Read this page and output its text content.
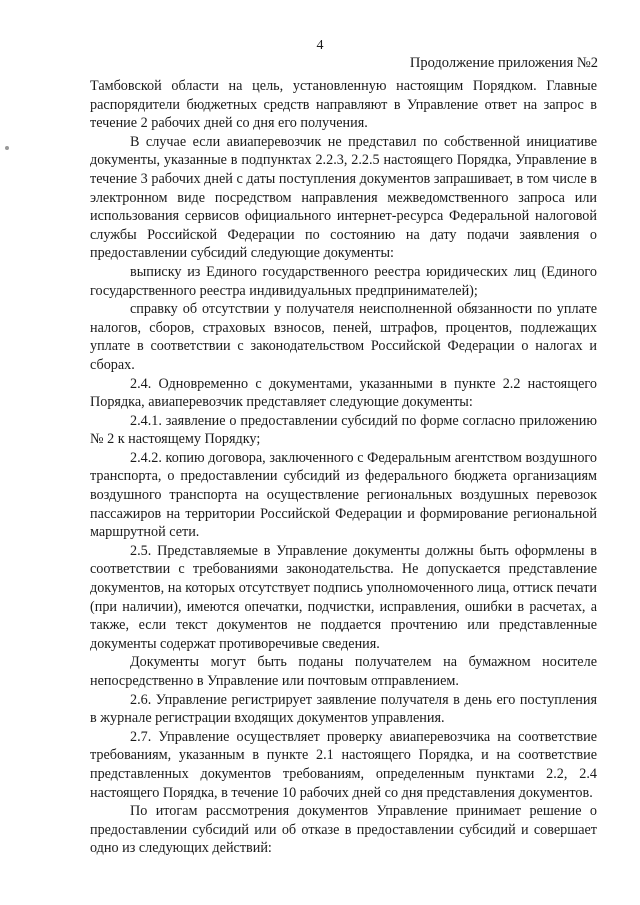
4
Продолжение приложения №2

Тамбовской области на цель, установленную настоящим Порядком. Главные распорядители бюджетных средств направляют в Управление ответ на запрос в течение 2 рабочих дней со дня его получения.

В случае если авиаперевозчик не представил по собственной инициативе документы, указанные в подпунктах 2.2.3, 2.2.5 настоящего Порядка, Управление в течение 3 рабочих дней с даты поступления документов запрашивает, в том числе в электронном виде посредством направления межведомственного запроса или использования сервисов официального интернет-ресурса Федеральной налоговой службы Российской Федерации по состоянию на дату подачи заявления о предоставлении субсидий следующие документы:

выписку из Единого государственного реестра юридических лиц (Единого государственного реестра индивидуальных предпринимателей);

справку об отсутствии у получателя неисполненной обязанности по уплате налогов, сборов, страховых взносов, пеней, штрафов, процентов, подлежащих уплате в соответствии с законодательством Российской Федерации о налогах и сборах.

2.4. Одновременно с документами, указанными в пункте 2.2 настоящего Порядка, авиаперевозчик представляет следующие документы:

2.4.1. заявление о предоставлении субсидий по форме согласно приложению № 2 к настоящему Порядку;

2.4.2. копию договора, заключенного с Федеральным агентством воздушного транспорта, о предоставлении субсидий из федерального бюджета организациям воздушного транспорта на осуществление региональных воздушных перевозок пассажиров на территории Российской Федерации и формирование региональной маршрутной сети.

2.5. Представляемые в Управление документы должны быть оформлены в соответствии с требованиями законодательства. Не допускается представление документов, на которых отсутствует подпись уполномоченного лица, оттиск печати (при наличии), имеются опечатки, подчистки, исправления, ошибки в расчетах, а также, если текст документов не поддается прочтению или представленные документы содержат противоречивые сведения.

Документы могут быть поданы получателем на бумажном носителе непосредственно в Управление или почтовым отправлением.

2.6. Управление регистрирует заявление получателя в день его поступления в журнале регистрации входящих документов управления.

2.7. Управление осуществляет проверку авиаперевозчика на соответствие требованиям, указанным в пункте 2.1 настоящего Порядка, и на соответствие представленных документов требованиям, определенным пунктами 2.2, 2.4 настоящего Порядка, в течение 10 рабочих дней со дня представления документов.

По итогам рассмотрения документов Управление принимает решение о предоставлении субсидий или об отказе в предоставлении субсидий и совершает одно из следующих действий:
